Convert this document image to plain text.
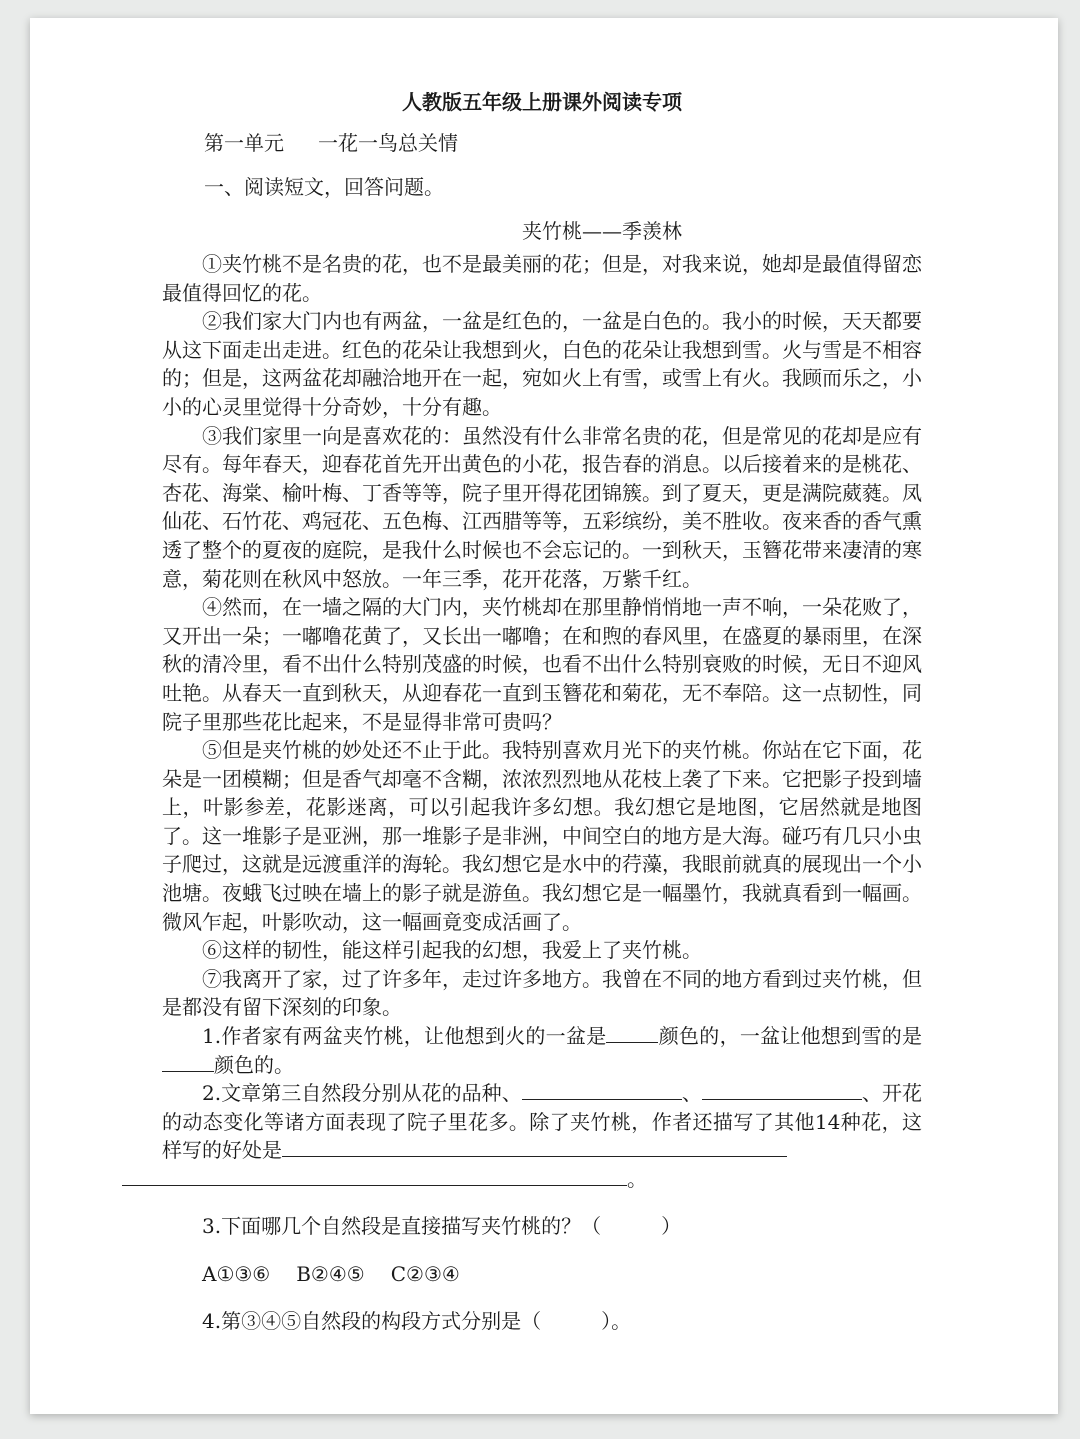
人教版五年级上册课外阅读专项
第一单元 一花一鸟总关情
一、阅读短文，回答问题。
夹竹桃——季羡林

①夹竹桃不是名贵的花，也不是最美丽的花；但是，对我来说，她却是最值得留恋最值得回忆的花。

②我们家大门内也有两盆，一盆是红色的，一盆是白色的。我小的时候，天天都要从这下面走出走进。红色的花朵让我想到火，白色的花朵让我想到雪。火与雪是不相容的；但是，这两盆花却融洽地开在一起，宛如火上有雪，或雪上有火。我顾而乐之，小小的心灵里觉得十分奇妙，十分有趣。

③我们家里一向是喜欢花的：虽然没有什么非常名贵的花，但是常见的花却是应有尽有。每年春天，迎春花首先开出黄色的小花，报告春的消息。以后接着来的是桃花、杏花、海棠、榆叶梅、丁香等等，院子里开得花团锦簇。到了夏天，更是满院葳蕤。凤仙花、石竹花、鸡冠花、五色梅、江西腊等等，五彩缤纷，美不胜收。夜来香的香气熏透了整个的夏夜的庭院，是我什么时候也不会忘记的。一到秋天，玉簪花带来凄清的寒意，菊花则在秋风中怒放。一年三季，花开花落，万紫千红。

④然而，在一墙之隔的大门内，夹竹桃却在那里静悄悄地一声不响，一朵花败了，又开出一朵；一嘟噜花黄了，又长出一嘟噜；在和煦的春风里，在盛夏的暴雨里，在深秋的清冷里，看不出什么特别茂盛的时候，也看不出什么特别衰败的时候，无日不迎风吐艳。从春天一直到秋天，从迎春花一直到玉簪花和菊花，无不奉陪。这一点韧性，同院子里那些花比起来，不是显得非常可贵吗？

⑤但是夹竹桃的妙处还不止于此。我特别喜欢月光下的夹竹桃。你站在它下面，花朵是一团模糊；但是香气却毫不含糊，浓浓烈烈地从花枝上袭了下来。它把影子投到墙上，叶影参差，花影迷离，可以引起我许多幻想。我幻想它是地图，它居然就是地图了。这一堆影子是亚洲，那一堆影子是非洲，中间空白的地方是大海。碰巧有几只小虫子爬过，这就是远渡重洋的海轮。我幻想它是水中的荇藻，我眼前就真的展现出一个小池塘。夜蛾飞过映在墙上的影子就是游鱼。我幻想它是一幅墨竹，我就真看到一幅画。微风乍起，叶影吹动，这一幅画竟变成活画了。

⑥这样的韧性，能这样引起我的幻想，我爱上了夹竹桃。

⑦我离开了家，过了许多年，走过许多地方。我曾在不同的地方看到过夹竹桃，但是都没有留下深刻的印象。

1.作者家有两盆夹竹桃，让他想到火的一盆是	颜色的，一盆让他想到雪的是颜色的。

2.文章第三自然段分别从花的品种、	、	、开花的动态变化等诸方面表现了院子里花多。除了夹竹桃，作者还描写了其他14种花，这样写的好处是
。

3.下面哪几个自然段是直接描写夹竹桃的？（　　　）

A①③⑥ B②④⑤ C②③④

4.第③④⑤自然段的构段方式分别是（　　　）。
